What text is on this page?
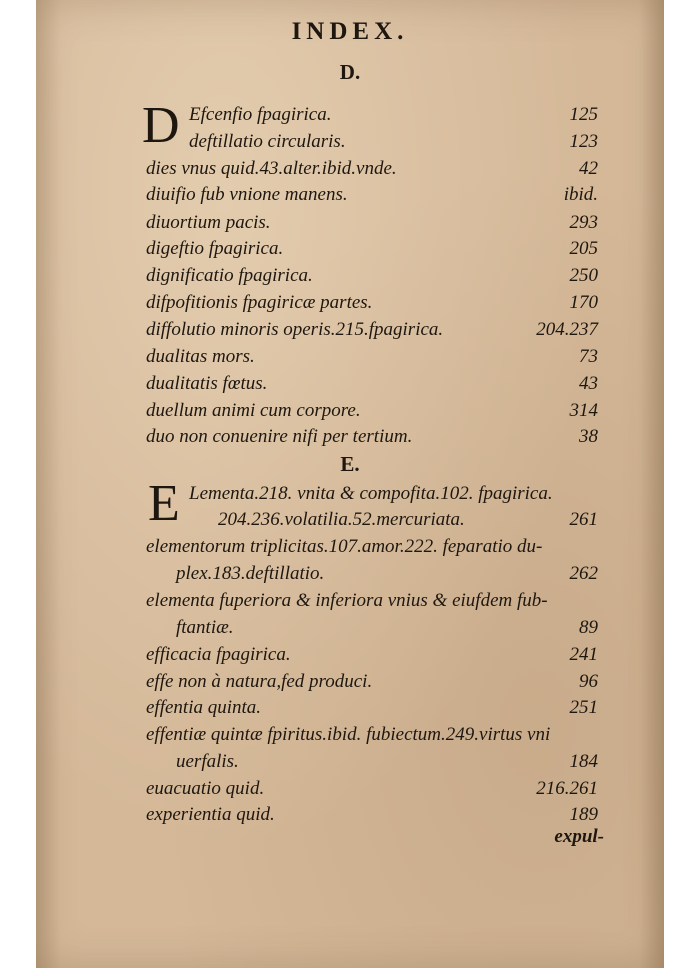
INDEX.
D.
D Efcenfio fpagirica.	125
deftillatio circularis.	123
dies vnus quid.43.alter.ibid.vnde.	42
diuifio fub vnione manens.	ibid.
diuortium pacis.	293
digeftio fpagirica.	205
dignificatio fpagirica.	250
difpofitionis fpagiricæ partes.	170
diffolutio minoris operis.215.fpagirica.	204.237
dualitas mors.	73
dualitatis fœtus.	43
duellum animi cum corpore.	314
duo non conuenire nifi per tertium.	38
E.
E Lementa.218. vnita & compofita.102. fpagirica.
204.236.volatilia.52.mercuriata.	261
elementorum triplicitas.107.amor.222. feparatio du-
plex.183.deftillatio.	262
elementa fuperiora & inferiora vnius & eiufdem fub-
ftantiæ.	89
efficacia fpagirica.	241
effe non à natura,fed produci.	96
effentia quinta.	251
effentiæ quintæ fpiritus.ibid. fubiectum.249.virtus vni
uerfalis.	184
euacuatio quid.	216.261
experientia quid.	189
expul-
